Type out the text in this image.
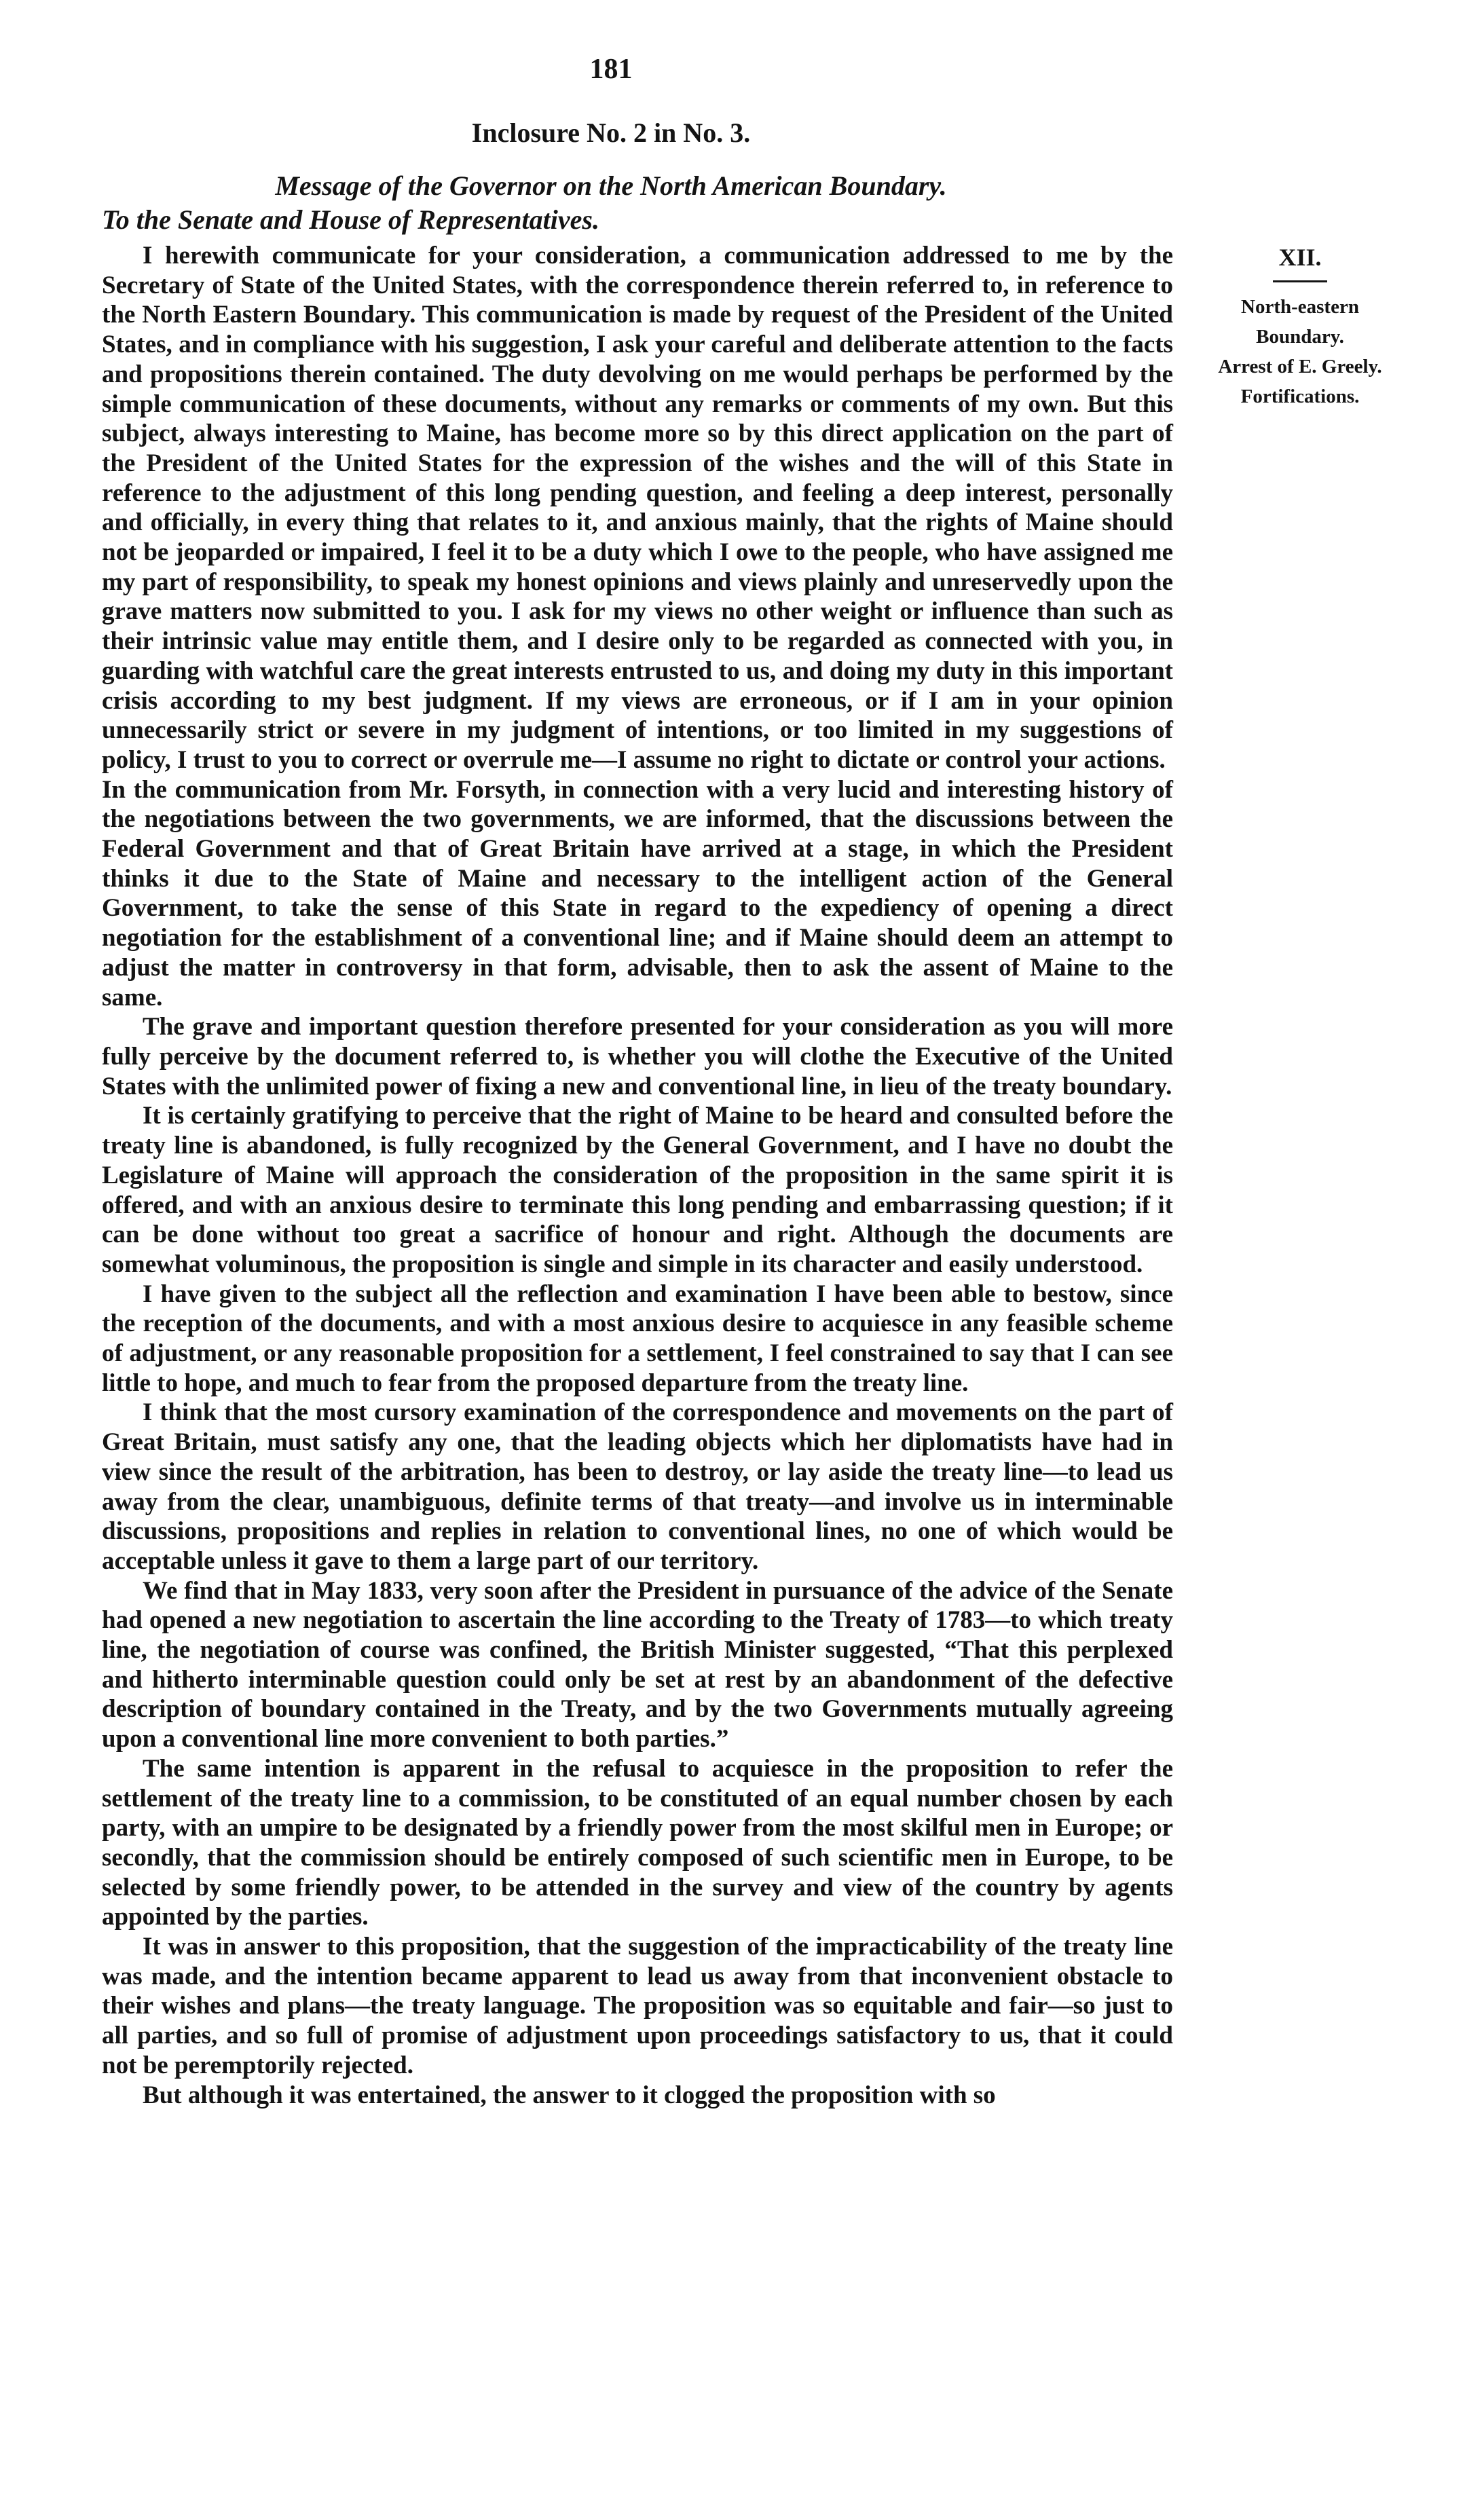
181
Inclosure No. 2 in No. 3.
Message of the Governor on the North American Boundary.
To the Senate and House of Representatives.
XII.
North-eastern Boundary.
Arrest of E. Greely.
Fortifications.

I herewith communicate for your consideration, a communication addressed to me by the Secretary of State of the United States, with the correspondence therein referred to, in reference to the North Eastern Boundary. This communication is made by request of the President of the United States, and in compliance with his suggestion, I ask your careful and deliberate attention to the facts and propositions therein contained. The duty devolving on me would perhaps be performed by the simple communication of these documents, without any remarks or comments of my own. But this subject, always interesting to Maine, has become more so by this direct application on the part of the President of the United States for the expression of the wishes and the will of this State in reference to the adjustment of this long pending question, and feeling a deep interest, personally and officially, in every thing that relates to it, and anxious mainly, that the rights of Maine should not be jeoparded or impaired, I feel it to be a duty which I owe to the people, who have assigned me my part of responsibility, to speak my honest opinions and views plainly and unreservedly upon the grave matters now submitted to you. I ask for my views no other weight or influence than such as their intrinsic value may entitle them, and I desire only to be regarded as connected with you, in guarding with watchful care the great interests entrusted to us, and doing my duty in this important crisis according to my best judgment. If my views are erroneous, or if I am in your opinion unnecessarily strict or severe in my judgment of intentions, or too limited in my suggestions of policy, I trust to you to correct or overrule me—I assume no right to dictate or control your actions.

In the communication from Mr. Forsyth, in connection with a very lucid and interesting history of the negotiations between the two governments, we are informed, that the discussions between the Federal Government and that of Great Britain have arrived at a stage, in which the President thinks it due to the State of Maine and necessary to the intelligent action of the General Government, to take the sense of this State in regard to the expediency of opening a direct negotiation for the establishment of a conventional line; and if Maine should deem an attempt to adjust the matter in controversy in that form, advisable, then to ask the assent of Maine to the same.

The grave and important question therefore presented for your consideration as you will more fully perceive by the document referred to, is whether you will clothe the Executive of the United States with the unlimited power of fixing a new and conventional line, in lieu of the treaty boundary.

It is certainly gratifying to perceive that the right of Maine to be heard and consulted before the treaty line is abandoned, is fully recognized by the General Government, and I have no doubt the Legislature of Maine will approach the consideration of the proposition in the same spirit it is offered, and with an anxious desire to terminate this long pending and embarrassing question; if it can be done without too great a sacrifice of honour and right. Although the documents are somewhat voluminous, the proposition is single and simple in its character and easily understood.

I have given to the subject all the reflection and examination I have been able to bestow, since the reception of the documents, and with a most anxious desire to acquiesce in any feasible scheme of adjustment, or any reasonable proposition for a settlement, I feel constrained to say that I can see little to hope, and much to fear from the proposed departure from the treaty line.

I think that the most cursory examination of the correspondence and movements on the part of Great Britain, must satisfy any one, that the leading objects which her diplomatists have had in view since the result of the arbitration, has been to destroy, or lay aside the treaty line—to lead us away from the clear, unambiguous, definite terms of that treaty—and involve us in interminable discussions, propositions and replies in relation to conventional lines, no one of which would be acceptable unless it gave to them a large part of our territory.

We find that in May 1833, very soon after the President in pursuance of the advice of the Senate had opened a new negotiation to ascertain the line according to the Treaty of 1783—to which treaty line, the negotiation of course was confined, the British Minister suggested, “That this perplexed and hitherto interminable question could only be set at rest by an abandonment of the defective description of boundary contained in the Treaty, and by the two Governments mutually agreeing upon a conventional line more convenient to both parties.”

The same intention is apparent in the refusal to acquiesce in the proposition to refer the settlement of the treaty line to a commission, to be constituted of an equal number chosen by each party, with an umpire to be designated by a friendly power from the most skilful men in Europe; or secondly, that the commission should be entirely composed of such scientific men in Europe, to be selected by some friendly power, to be attended in the survey and view of the country by agents appointed by the parties.

It was in answer to this proposition, that the suggestion of the impracticability of the treaty line was made, and the intention became apparent to lead us away from that inconvenient obstacle to their wishes and plans—the treaty language. The proposition was so equitable and fair—so just to all parties, and so full of promise of adjustment upon proceedings satisfactory to us, that it could not be peremptorily rejected.

But although it was entertained, the answer to it clogged the proposition with so
